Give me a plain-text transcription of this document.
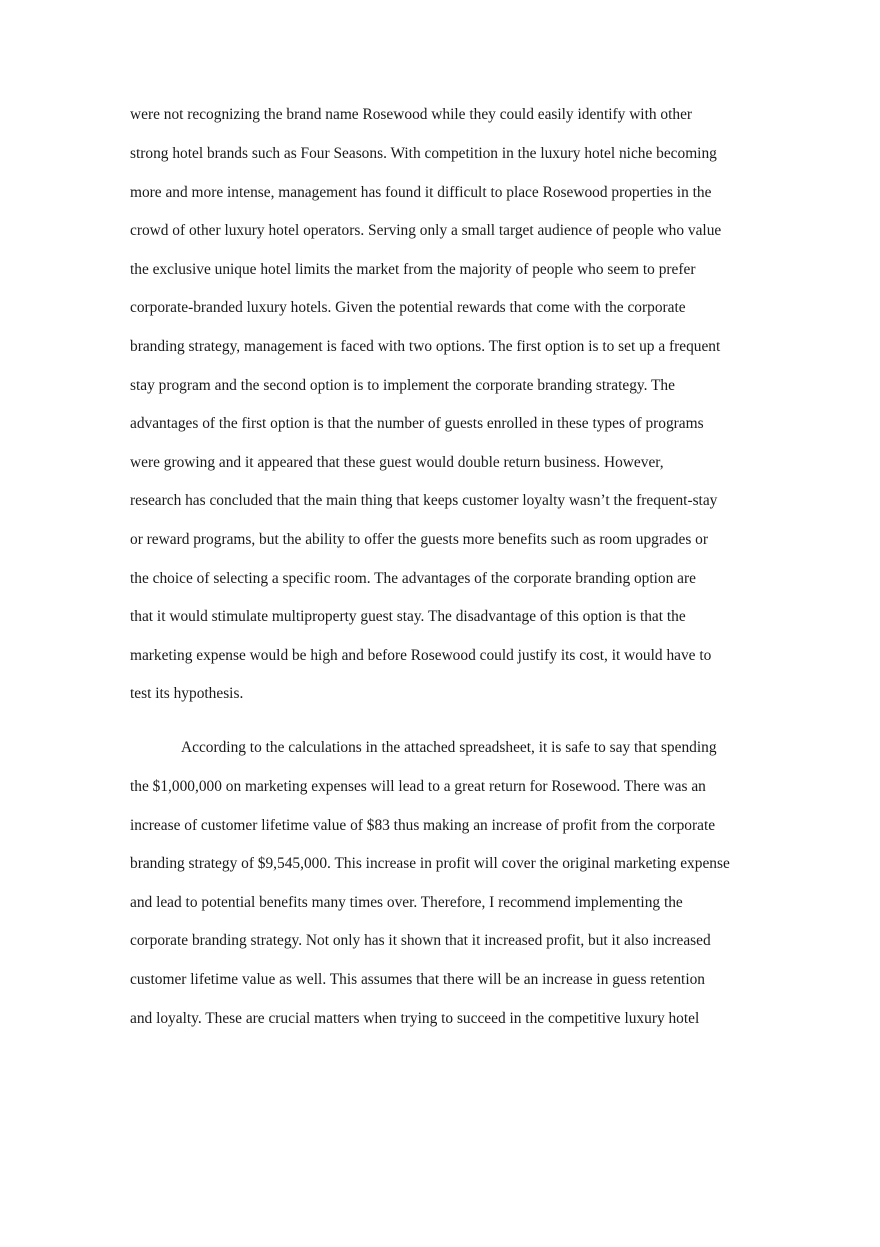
were not recognizing the brand name Rosewood while they could easily identify with other
strong hotel brands such as Four Seasons. With competition in the luxury hotel niche becoming
more and more intense, management has found it difficult to place Rosewood properties in the
crowd of other luxury hotel operators. Serving only a small target audience of people who value
the exclusive unique hotel limits the market from the majority of people who seem to prefer
corporate-branded luxury hotels. Given the potential rewards that come with the corporate
branding strategy, management is faced with two options. The first option is to set up a frequent
stay program and the second option is to implement the corporate branding strategy. The
advantages of the first option is that the number of guests enrolled in these types of programs
were growing and it appeared that these guest would double return business. However,
research has concluded that the main thing that keeps customer loyalty wasn’t the frequent-stay
or reward programs, but the ability to offer the guests more benefits such as room upgrades or
the choice of selecting a specific room. The advantages of the corporate branding option are
that it would stimulate multiproperty guest stay. The disadvantage of this option is that the
marketing expense would be high and before Rosewood could justify its cost, it would have to
test its hypothesis.
According to the calculations in the attached spreadsheet, it is safe to say that spending
the $1,000,000 on marketing expenses will lead to a great return for Rosewood. There was an
increase of customer lifetime value of $83 thus making an increase of profit from the corporate
branding strategy of $9,545,000. This increase in profit will cover the original marketing expense
and lead to potential benefits many times over. Therefore, I recommend implementing the
corporate branding strategy. Not only has it shown that it increased profit, but it also increased
customer lifetime value as well. This assumes that there will be an increase in guess retention
and loyalty. These are crucial matters when trying to succeed in the competitive luxury hotel
